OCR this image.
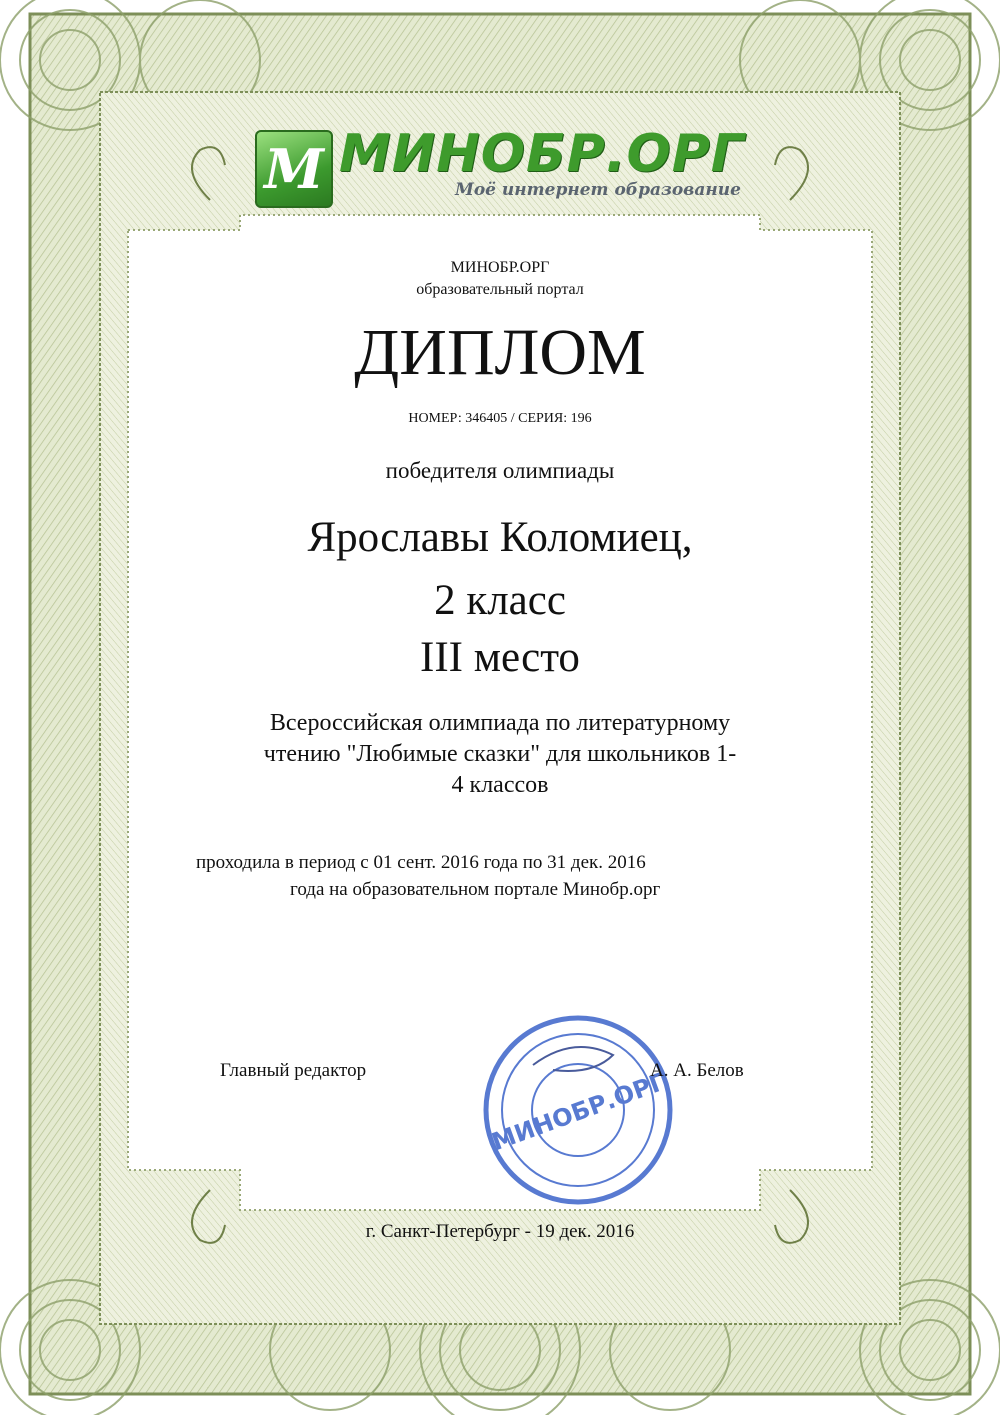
M МИНОБР.ОРГ
Моё интернет образование
МИНОБР.ОРГ
образовательный портал
ДИПЛОМ
НОМЕР: 346405 / СЕРИЯ: 196
победителя олимпиады
Ярославы Коломиец,
2 класс
III место
Всероссийская олимпиада по литературному
чтению "Любимые сказки" для школьников 1-
4 классов
проходила в период с 01 сент. 2016 года по 31 дек. 2016
года на образовательном портале Минобр.орг
МИНОБР.ОРГ
Главный редактор	А. А. Белов
г. Санкт-Петербург - 19 дек. 2016
